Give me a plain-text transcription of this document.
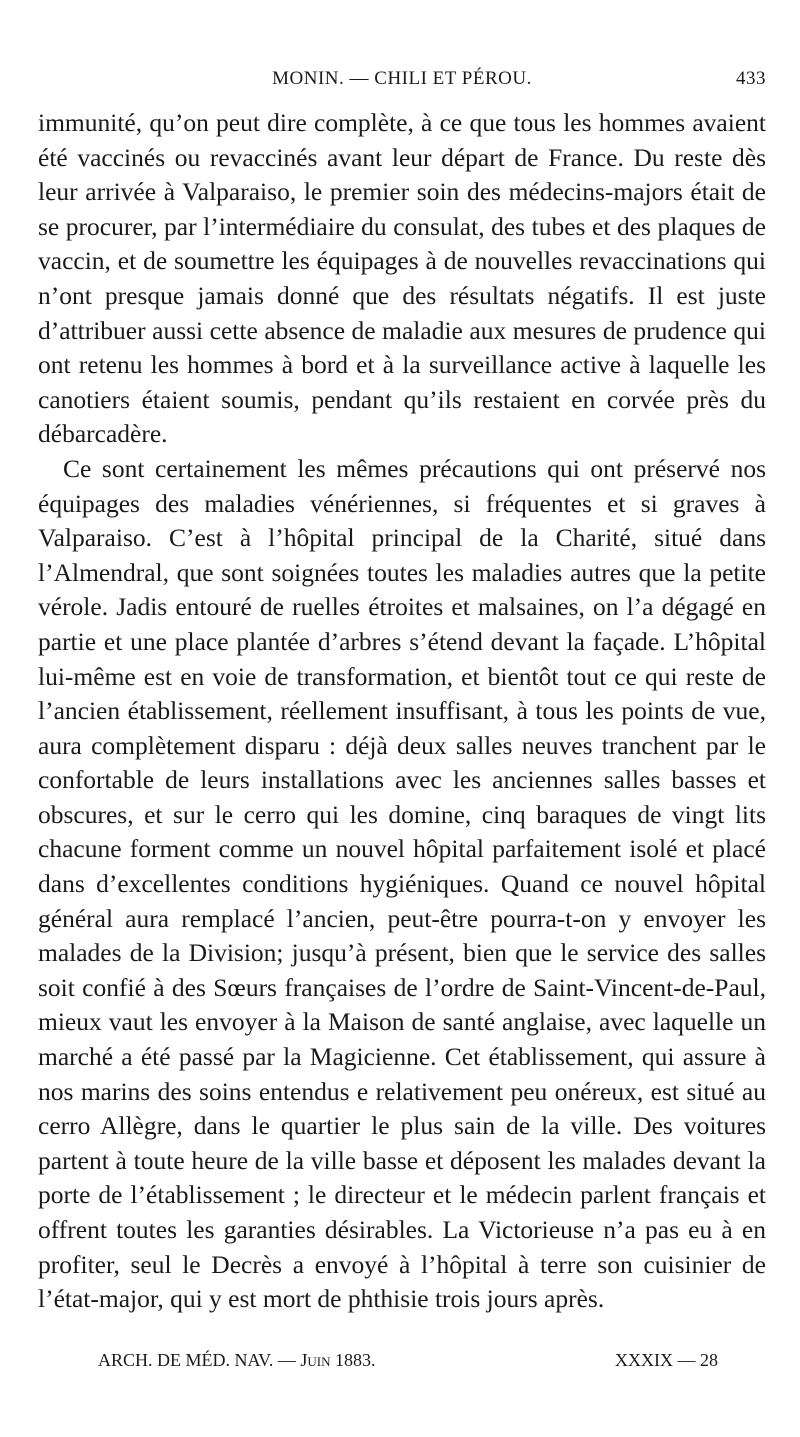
MONIN. — CHILI ET PÉROU.	433

immunité, qu’on peut dire complète, à ce que tous les hommes avaient été vaccinés ou revaccinés avant leur départ de France. Du reste dès leur arrivée à Valparaiso, le premier soin des médecins-majors était de se procurer, par l’intermédiaire du consulat, des tubes et des plaques de vaccin, et de soumettre les équipages à de nouvelles revaccinations qui n’ont presque jamais donné que des résultats négatifs. Il est juste d’attribuer aussi cette absence de maladie aux mesures de prudence qui ont retenu les hommes à bord et à la surveillance active à laquelle les canotiers étaient soumis, pendant qu’ils restaient en corvée près du débarcadère.

Ce sont certainement les mêmes précautions qui ont préservé nos équipages des maladies vénériennes, si fréquentes et si graves à Valparaiso. C’est à l’hôpital principal de la Charité, situé dans l’Almendral, que sont soignées toutes les maladies autres que la petite vérole. Jadis entouré de ruelles étroites et malsaines, on l’a dégagé en partie et une place plantée d’arbres s’étend devant la façade. L’hôpital lui-même est en voie de transformation, et bientôt tout ce qui reste de l’ancien établissement, réellement insuffisant, à tous les points de vue, aura complètement disparu : déjà deux salles neuves tranchent par le confortable de leurs installations avec les anciennes salles basses et obscures, et sur le cerro qui les domine, cinq baraques de vingt lits chacune forment comme un nouvel hôpital parfaitement isolé et placé dans d’excellentes conditions hygiéniques. Quand ce nouvel hôpital général aura remplacé l’ancien, peut-être pourra-t-on y envoyer les malades de la Division; jusqu’à présent, bien que le service des salles soit confié à des Sœurs françaises de l’ordre de Saint-Vincent-de-Paul, mieux vaut les envoyer à la Maison de santé anglaise, avec laquelle un marché a été passé par la Magicienne. Cet établissement, qui assure à nos marins des soins entendus e relativement peu onéreux, est situé au cerro Allègre, dans le quartier le plus sain de la ville. Des voitures partent à toute heure de la ville basse et déposent les malades devant la porte de l’établissement ; le directeur et le médecin parlent français et offrent toutes les garanties désirables. La Victorieuse n’a pas eu à en profiter, seul le Decrès a envoyé à l’hôpital à terre son cuisinier de l’état-major, qui y est mort de phthisie trois jours après.

ARCH. DE MÉD. NAV. — Juin 1883.	XXXIX — 28
